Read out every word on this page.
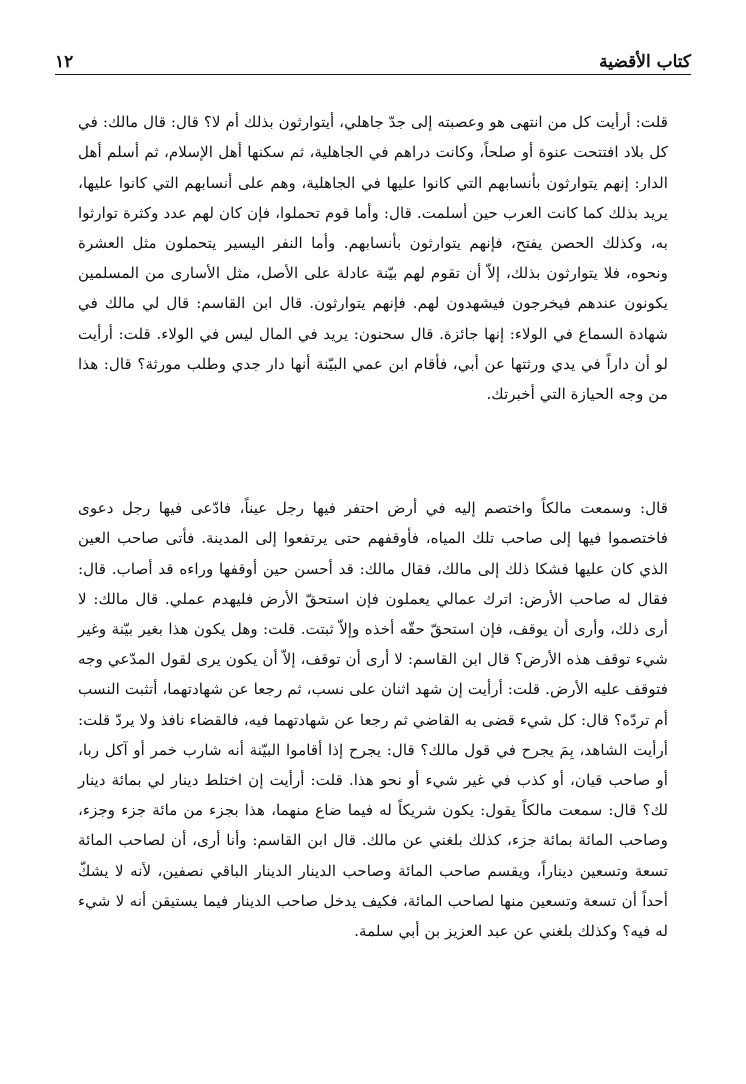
١٢	كتاب الأقضية

قلت: أرأيت كل من انتهى هو وعصبته إلى جدّ جاهلي، أيتوارثون بذلك أم لا؟ قال: قال مالك: في كل بلاد افتتحت عنوة أو صلحاً، وكانت دراهم في الجاهلية، ثم سكنها أهل الإسلام، ثم أسلم أهل الدار: إنهم يتوارثون بأنسابهم التي كانوا عليها في الجاهلية، وهم على أنسابهم التي كانوا عليها، يريد بذلك كما كانت العرب حين أسلمت. قال: وأما قوم تحملوا، فإن كان لهم عدد وكثرة توارثوا به، وكذلك الحصن يفتح، فإنهم يتوارثون بأنسابهم. وأما النفر اليسير يتحملون مثل العشرة ونحوه، فلا يتوارثون بذلك، إلاّ أن تقوم لهم بيّنة عادلة على الأصل، مثل الأسارى من المسلمين يكونون عندهم فيخرجون فيشهدون لهم. فإنهم يتوارثون. قال ابن القاسم: قال لي مالك في شهادة السماع في الولاء: إنها جائزة. قال سحنون: يريد في المال ليس في الولاء. قلت: أرأيت لو أن داراً في يدي ورثتها عن أبي، فأقام ابن عمي البيّنة أنها دار جدي وطلب مورثة؟ قال: هذا من وجه الحيازة التي أخبرتك.

قال: وسمعت مالكاً واختصم إليه في أرض احتفر فيها رجل عيناً، فادّعى فيها رجل دعوى فاختصموا فيها إلى صاحب تلك المياه، فأوقفهم حتى يرتفعوا إلى المدينة. فأتى صاحب العين الذي كان عليها فشكا ذلك إلى مالك، فقال مالك: قد أحسن حين أوقفها وراءه قد أصاب. قال: فقال له صاحب الأرض: اترك عمالي يعملون فإن استحقّ الأرض فليهدم عملي. قال مالك: لا أرى ذلك، وأرى أن يوقف، فإن استحقّ حقّه أخذه وإلاّ ثبتت. قلت: وهل يكون هذا بغير بيّنة وغير شيء توقف هذه الأرض؟ قال ابن القاسم: لا أرى أن توقف، إلاّ أن يكون يرى لقول المدّعي وجه فتوقف عليه الأرض. قلت: أرأيت إن شهد اثنان على نسب، ثم رجعا عن شهادتهما، أتثبت النسب أم تردّه؟ قال: كل شيء قضى به القاضي ثم رجعا عن شهادتهما فيه، فالقضاء نافذ ولا يردّ قلت: أرأيت الشاهد، بِمَ يجرح في قول مالك؟ قال: يجرح إذا أقاموا البيّنة أنه شارب خمر أو آكل ربا، أو صاحب قيان، أو كذب في غير شيء أو نحو هذا. قلت: أرأيت إن اختلط دينار لي بمائة دينار لك؟ قال: سمعت مالكاً يقول: يكون شريكاً له فيما ضاع منهما، هذا بجزء من مائة جزء وجزء، وصاحب المائة بمائة جزء، كذلك بلغني عن مالك. قال ابن القاسم: وأنا أرى، أن لصاحب المائة تسعة وتسعين ديناراً، ويقسم صاحب المائة وصاحب الدينار الدينار الباقي نصفين، لأنه لا يشكّ أحداً أن تسعة وتسعين منها لصاحب المائة، فكيف يدخل صاحب الدينار فيما يستيقن أنه لا شيء له فيه؟ وكذلك بلغني عن عبد العزيز بن أبي سلمة.
